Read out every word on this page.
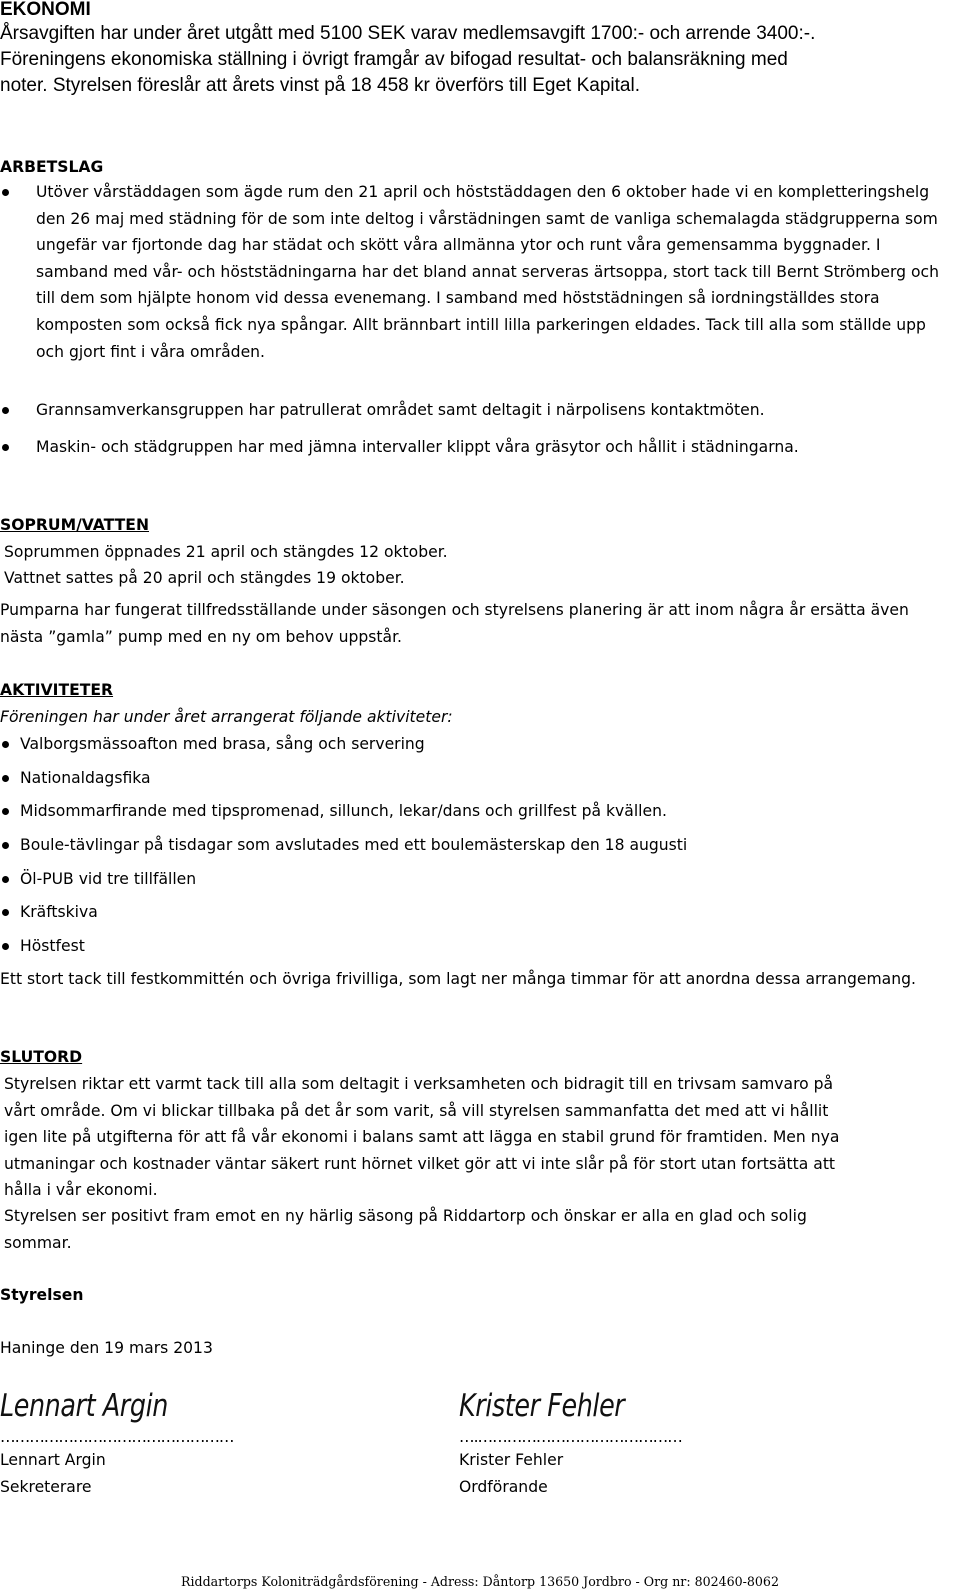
EKONOMI
Årsavgiften har under året utgått med 5100 SEK varav medlemsavgift 1700:- och arrende 3400:-.
Föreningens ekonomiska ställning i övrigt framgår av bifogad resultat- och balansräkning med
noter. Styrelsen föreslår att årets vinst på 18 458 kr överförs till Eget Kapital.
ARBETSLAG
Utöver vårstäddagen som ägde rum den 21 april och höststäddagen den 6 oktober hade vi en kompletteringshelg den 26 maj med städning för de som inte deltog i vårstädningen samt de vanliga schemalagda städgrupperna som ungefär var fjortonde dag har städat och skött våra allmänna ytor och runt våra gemensamma byggnader. I samband med vår- och höststädningarna har det bland annat serveras ärtsoppa, stort tack till Bernt Strömberg och till dem som hjälpte honom vid dessa evenemang. I samband med höststädningen så iordningställdes stora komposten som också fick nya spångar. Allt brännbart intill lilla parkeringen eldades. Tack till alla som ställde upp och gjort fint i våra områden.
Grannsamverkansgruppen har patrullerat området samt deltagit i närpolisens kontaktmöten.
Maskin- och städgruppen har med jämna intervaller klippt våra gräsytor och hållit i städningarna.
SOPRUM/VATTEN
Soprummen öppnades 21 april och stängdes 12 oktober.
Vattnet sattes på 20 april och stängdes 19 oktober.
Pumparna har fungerat tillfredsställande under säsongen och styrelsens planering är att inom några år ersätta även nästa ”gamla” pump med en ny om behov uppstår.
AKTIVITETER
Föreningen har under året arrangerat följande aktiviteter:
Valborgsmässoafton med brasa, sång och servering
Nationaldagsfika
Midsommarfirande med tipspromenad, sillunch, lekar/dans och grillfest på kvällen.
Boule-tävlingar på tisdagar som avslutades med ett boulemästerskap den 18 augusti
Öl-PUB vid tre tillfällen
Kräftskiva
Höstfest
Ett stort tack till festkommittén och övriga frivilliga, som lagt ner många timmar för att anordna dessa arrangemang.
SLUTORD
Styrelsen riktar ett varmt tack till alla som deltagit i verksamheten och bidragit till en trivsam samvaro på vårt område. Om vi blickar tillbaka på det år som varit, så vill styrelsen sammanfatta det med att vi hållit igen lite på utgifterna för att få vår ekonomi i balans samt att lägga en stabil grund för framtiden. Men nya utmaningar och kostnader väntar säkert runt hörnet vilket gör att vi inte slår på för stort utan fortsätta att hålla i vår ekonomi.
Styrelsen ser positivt fram emot en ny härlig säsong på Riddartorp och önskar er alla en glad och solig sommar.
Styrelsen
Haninge den 19 mars 2013
Lennart Argin
…………………………………………
Lennart Argin
Sekreterare
Krister Fehler
….……………………………………
Krister Fehler
Ordförande
Riddartorps Koloniträdgårdsförening - Adress: Dåntorp 13650 Jordbro - Org nr: 802460-8062
